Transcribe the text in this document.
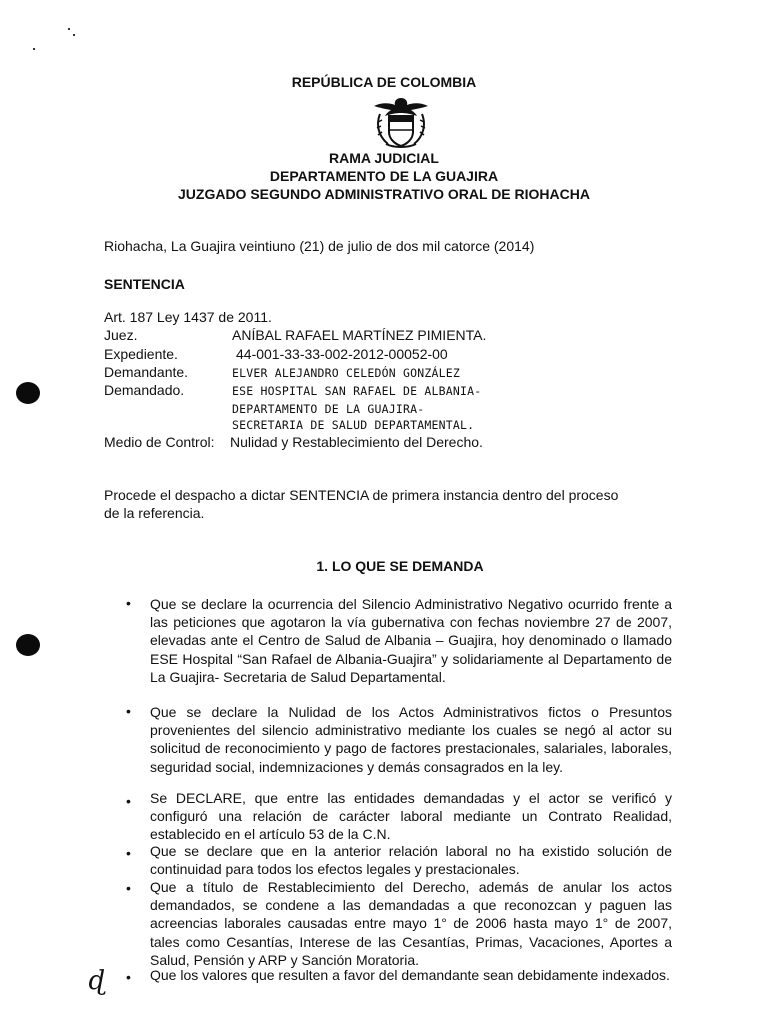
REPÚBLICA DE COLOMBIA
RAMA JUDICIAL
DEPARTAMENTO DE LA GUAJIRA
JUZGADO SEGUNDO ADMINISTRATIVO ORAL DE RIOHACHA
Riohacha, La Guajira veintiuno (21) de julio de dos mil catorce (2014)
SENTENCIA
Art. 187 Ley 1437 de 2011.
Juez.	ANÍBAL RAFAEL MARTÍNEZ PIMIENTA.
Expediente.	44-001-33-33-002-2012-00052-00
Demandante.	ELVER ALEJANDRO CELEDÓN GONZÁLEZ
Demandado.	ESE HOSPITAL SAN RAFAEL DE ALBANIA-
DEPARTAMENTO DE LA GUAJIRA-
SECRETARIA DE SALUD DEPARTAMENTAL.
Medio de Control: Nulidad y Restablecimiento del Derecho.
Procede el despacho a dictar SENTENCIA de primera instancia dentro del proceso
de la referencia.
1. LO QUE SE DEMANDA
• Que se declare la ocurrencia del Silencio Administrativo Negativo ocurrido frente a las peticiones que agotaron la vía gubernativa con fechas noviembre 27 de 2007, elevadas ante el Centro de Salud de Albania – Guajira, hoy denominado o llamado ESE Hospital “San Rafael de Albania-Guajira” y solidariamente al Departamento de La Guajira- Secretaria de Salud Departamental.
• Que se declare la Nulidad de los Actos Administrativos fictos o Presuntos provenientes del silencio administrativo mediante los cuales se negó al actor su solicitud de reconocimiento y pago de factores prestacionales, salariales, laborales, seguridad social, indemnizaciones y demás consagrados en la ley.
• Se DECLARE, que entre las entidades demandadas y el actor se verificó y configuró una relación de carácter laboral mediante un Contrato Realidad, establecido en el artículo 53 de la C.N.
• Que se declare que en la anterior relación laboral no ha existido solución de continuidad para todos los efectos legales y prestacionales.
• Que a título de Restablecimiento del Derecho, además de anular los actos demandados, se condene a las demandadas a que reconozcan y paguen las acreencias laborales causadas entre mayo 1° de 2006 hasta mayo 1° de 2007, tales como Cesantías, Interese de las Cesantías, Primas, Vacaciones, Aportes a Salud, Pensión y ARP y Sanción Moratoria.
ɖ • Que los valores que resulten a favor del demandante sean debidamente indexados.
